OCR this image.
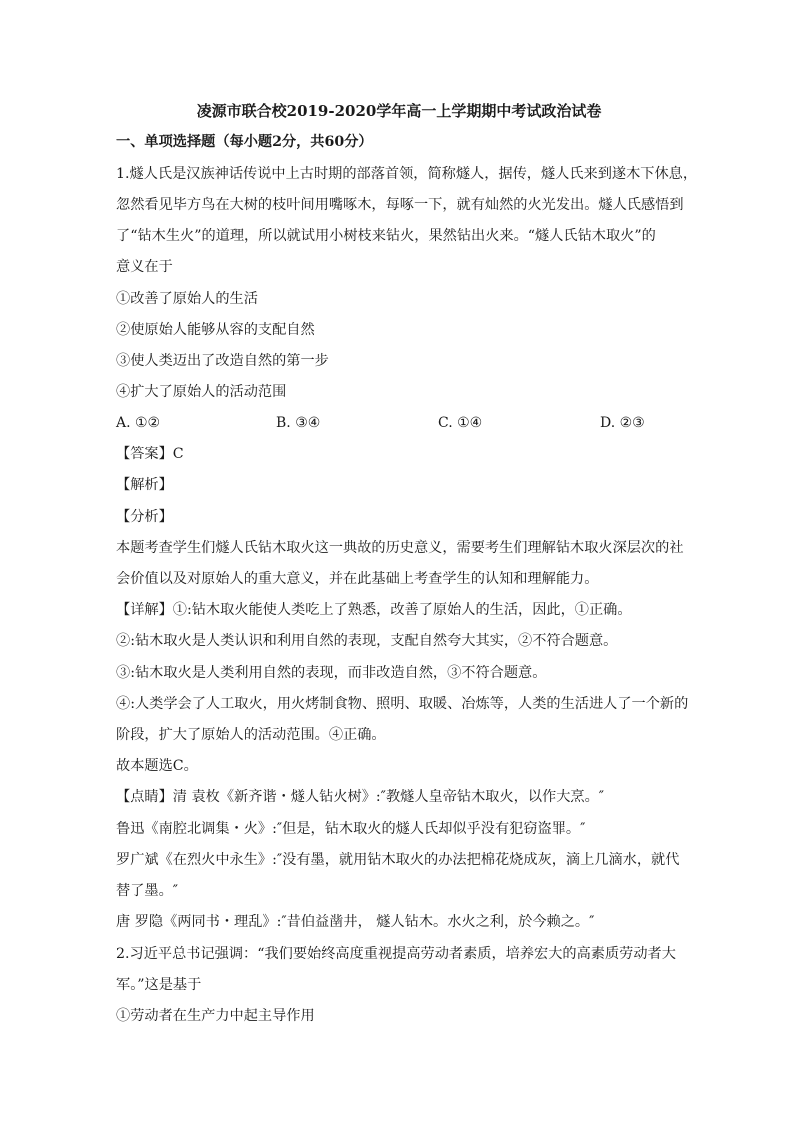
凌源市联合校2019-2020学年高一上学期期中考试政治试卷
一、单项选择题（每小题2分，共60分）
1.燧人氏是汉族神话传说中上古时期的部落首领，简称燧人，据传，燧人氏来到遂木下休息，
忽然看见毕方鸟在大树的枝叶间用嘴啄木，每啄一下，就有灿然的火光发出。燧人氏感悟到
了“钻木生火”的道理，所以就试用小树枝来钻火，果然钻出火来。“燧人氏钻木取火”的
意义在于
①改善了原始人的生活
②使原始人能够从容的支配自然
③使人类迈出了改造自然的第一步
④扩大了原始人的活动范围
A. ①②	B. ③④	C. ①④	D. ②③
【答案】C
【解析】
【分析】
本题考查学生们燧人氏钻木取火这一典故的历史意义，需要考生们理解钻木取火深层次的社
会价值以及对原始人的重大意义，并在此基础上考查学生的认知和理解能力。
【详解】①:钻木取火能使人类吃上了熟悉，改善了原始人的生活，因此，①正确。
②:钻木取火是人类认识和利用自然的表现，支配自然夸大其实，②不符合题意。
③:钻木取火是人类利用自然的表现，而非改造自然，③不符合题意。
④:人类学会了人工取火，用火烤制食物、照明、取暖、冶炼等，人类的生活进人了一个新的
阶段，扩大了原始人的活动范围。④正确。
故本题选C。
【点睛】清 袁枚《新齐谐・燧人钻火树》:″教燧人皇帝钻木取火，以作大烹。″
鲁迅《南腔北调集・火》:″但是，钻木取火的燧人氏却似乎没有犯窃盗罪。″
罗广斌《在烈火中永生》:″没有墨，就用钻木取火的办法把棉花烧成灰，滴上几滴水，就代
替了墨。″
唐 罗隐《两同书・理乱》:″昔伯益凿井， 燧人钻木。水火之利，於今赖之。″
2.习近平总书记强调：“我们要始终高度重视提高劳动者素质，培养宏大的高素质劳动者大
军。”这是基于
①劳动者在生产力中起主导作用
